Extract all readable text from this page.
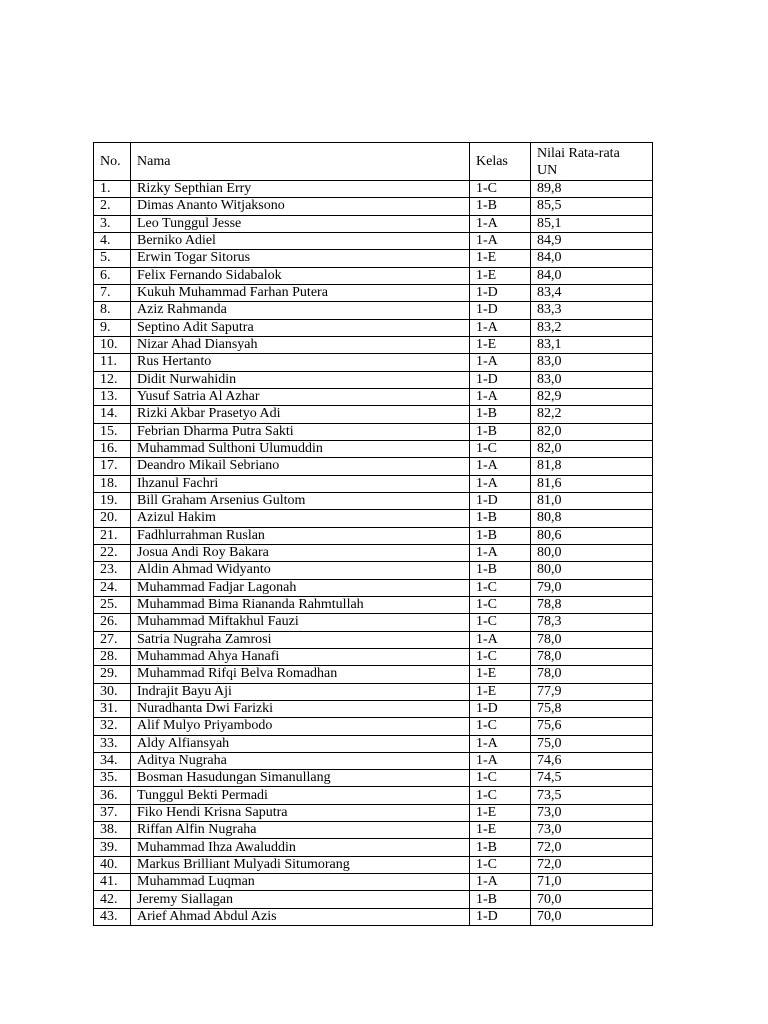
No.	Nama	Kelas	Nilai Rata-rata
UN
1.	Rizky Septhian Erry	1-C	89,8
2.	Dimas Ananto Witjaksono	1-B	85,5
3.	Leo Tunggul Jesse	1-A	85,1
4.	Berniko Adiel	1-A	84,9
5.	Erwin Togar Sitorus	1-E	84,0
6.	Felix Fernando Sidabalok	1-E	84,0
7.	Kukuh Muhammad Farhan Putera	1-D	83,4
8.	Aziz Rahmanda	1-D	83,3
9.	Septino Adit Saputra	1-A	83,2
10.	Nizar Ahad Diansyah	1-E	83,1
11.	Rus Hertanto	1-A	83,0
12.	Didit Nurwahidin	1-D	83,0
13.	Yusuf Satria Al Azhar	1-A	82,9
14.	Rizki Akbar Prasetyo Adi	1-B	82,2
15.	Febrian Dharma Putra Sakti	1-B	82,0
16.	Muhammad Sulthoni Ulumuddin	1-C	82,0
17.	Deandro Mikail Sebriano	1-A	81,8
18.	Ihzanul Fachri	1-A	81,6
19.	Bill Graham Arsenius Gultom	1-D	81,0
20.	Azizul Hakim	1-B	80,8
21.	Fadhlurrahman Ruslan	1-B	80,6
22.	Josua Andi Roy Bakara	1-A	80,0
23.	Aldin Ahmad Widyanto	1-B	80,0
24.	Muhammad Fadjar Lagonah	1-C	79,0
25.	Muhammad Bima Riananda Rahmtullah	1-C	78,8
26.	Muhammad Miftakhul Fauzi	1-C	78,3
27.	Satria Nugraha Zamrosi	1-A	78,0
28.	Muhammad Ahya Hanafi	1-C	78,0
29.	Muhammad Rifqi Belva Romadhan	1-E	78,0
30.	Indrajit Bayu Aji	1-E	77,9
31.	Nuradhanta Dwi Farizki	1-D	75,8
32.	Alif Mulyo Priyambodo	1-C	75,6
33.	Aldy Alfiansyah	1-A	75,0
34.	Aditya Nugraha	1-A	74,6
35.	Bosman Hasudungan Simanullang	1-C	74,5
36.	Tunggul Bekti Permadi	1-C	73,5
37.	Fiko Hendi Krisna Saputra	1-E	73,0
38.	Riffan Alfin Nugraha	1-E	73,0
39.	Muhammad Ihza Awaluddin	1-B	72,0
40.	Markus Brilliant Mulyadi Situmorang	1-C	72,0
41.	Muhammad Luqman	1-A	71,0
42.	Jeremy Siallagan	1-B	70,0
43.	Arief Ahmad Abdul Azis	1-D	70,0
